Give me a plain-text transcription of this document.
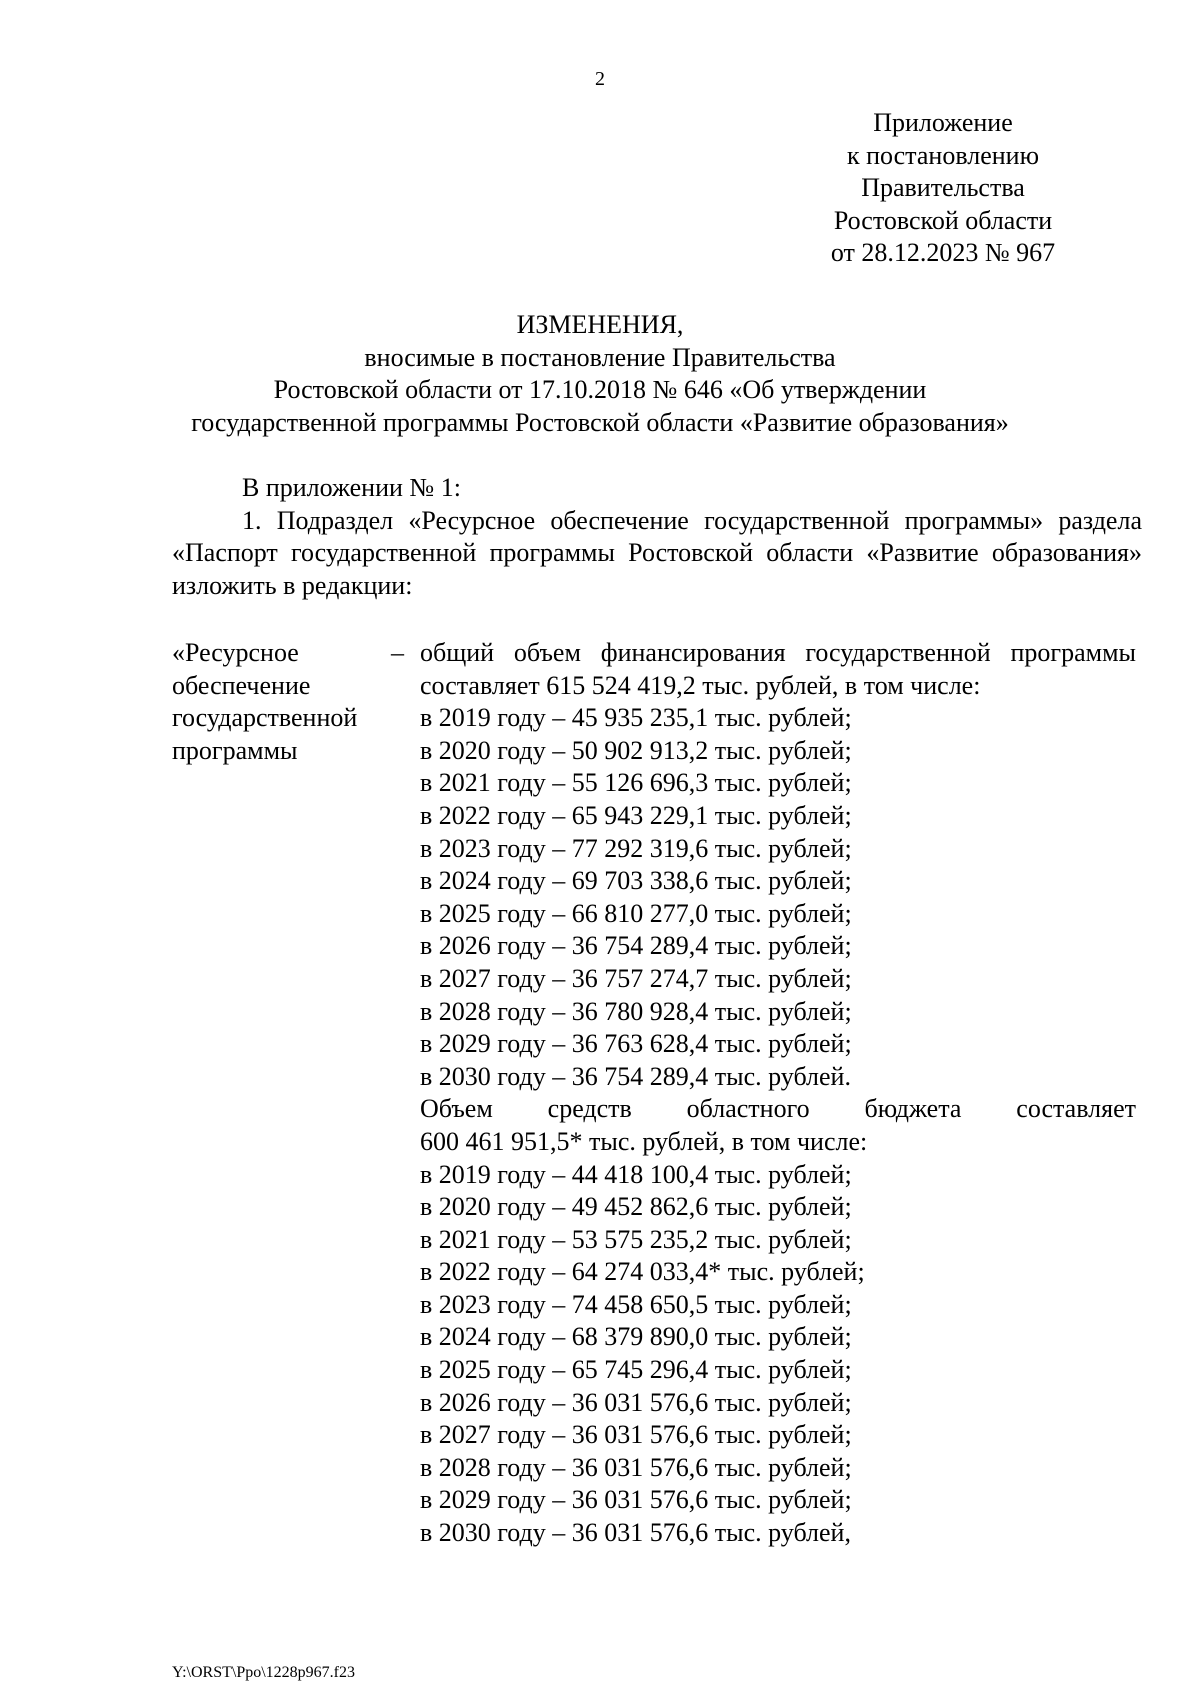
2
Приложение
к постановлению
Правительства
Ростовской области
от 28.12.2023 № 967
ИЗМЕНЕНИЯ,
вносимые в постановление Правительства
Ростовской области от 17.10.2018 № 646 «Об утверждении
государственной программы Ростовской области «Развитие образования»
В приложении № 1:
1. Подраздел «Ресурсное обеспечение государственной программы» раздела «Паспорт государственной программы Ростовской области «Развитие образования» изложить в редакции:
«Ресурсное обеспечение государственной программы
– общий объем финансирования государственной программы составляет 615 524 419,2 тыс. рублей, в том числе:
в 2019 году – 45 935 235,1 тыс. рублей;
в 2020 году – 50 902 913,2 тыс. рублей;
в 2021 году – 55 126 696,3 тыс. рублей;
в 2022 году – 65 943 229,1 тыс. рублей;
в 2023 году – 77 292 319,6 тыс. рублей;
в 2024 году – 69 703 338,6 тыс. рублей;
в 2025 году – 66 810 277,0 тыс. рублей;
в 2026 году – 36 754 289,4 тыс. рублей;
в 2027 году – 36 757 274,7 тыс. рублей;
в 2028 году – 36 780 928,4 тыс. рублей;
в 2029 году – 36 763 628,4 тыс. рублей;
в 2030 году – 36 754 289,4 тыс. рублей.
Объем средств областного бюджета составляет
600 461 951,5* тыс. рублей, в том числе:
в 2019 году – 44 418 100,4 тыс. рублей;
в 2020 году – 49 452 862,6 тыс. рублей;
в 2021 году – 53 575 235,2 тыс. рублей;
в 2022 году – 64 274 033,4* тыс. рублей;
в 2023 году – 74 458 650,5 тыс. рублей;
в 2024 году – 68 379 890,0 тыс. рублей;
в 2025 году – 65 745 296,4 тыс. рублей;
в 2026 году – 36 031 576,6 тыс. рублей;
в 2027 году – 36 031 576,6 тыс. рублей;
в 2028 году – 36 031 576,6 тыс. рублей;
в 2029 году – 36 031 576,6 тыс. рублей;
в 2030 году – 36 031 576,6 тыс. рублей,
Y:\ORST\Ppo\1228p967.f23
